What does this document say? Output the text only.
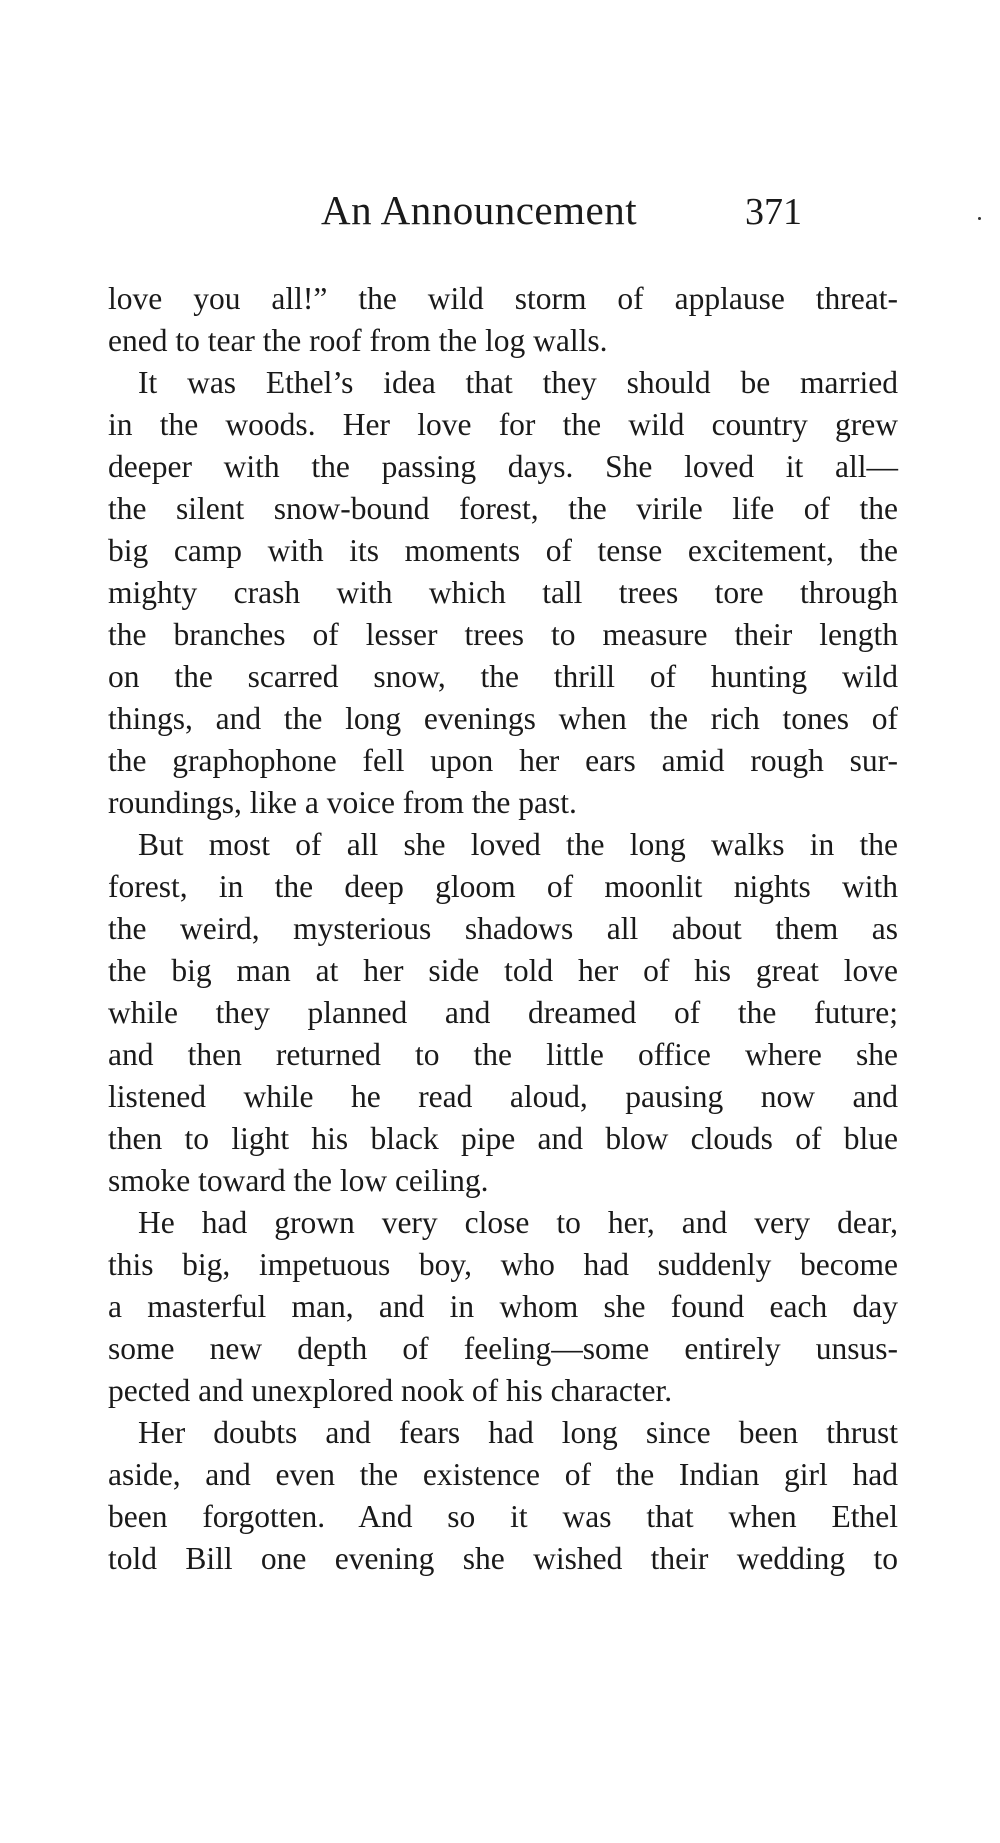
An Announcement	371
love you all!” the wild storm of applause threat-
ened to tear the roof from the log walls.
It was Ethel’s idea that they should be married
in the woods. Her love for the wild country grew
deeper with the passing days. She loved it all—
the silent snow-bound forest, the virile life of the
big camp with its moments of tense excitement, the
mighty crash with which tall trees tore through
the branches of lesser trees to measure their length
on the scarred snow, the thrill of hunting wild
things, and the long evenings when the rich tones of
the graphophone fell upon her ears amid rough sur-
roundings, like a voice from the past.
But most of all she loved the long walks in the
forest, in the deep gloom of moonlit nights with
the weird, mysterious shadows all about them as
the big man at her side told her of his great love
while they planned and dreamed of the future;
and then returned to the little office where she
listened while he read aloud, pausing now and
then to light his black pipe and blow clouds of blue
smoke toward the low ceiling.
He had grown very close to her, and very dear,
this big, impetuous boy, who had suddenly become
a masterful man, and in whom she found each day
some new depth of feeling—some entirely unsus-
pected and unexplored nook of his character.
Her doubts and fears had long since been thrust
aside, and even the existence of the Indian girl had
been forgotten. And so it was that when Ethel
told Bill one evening she wished their wedding to
